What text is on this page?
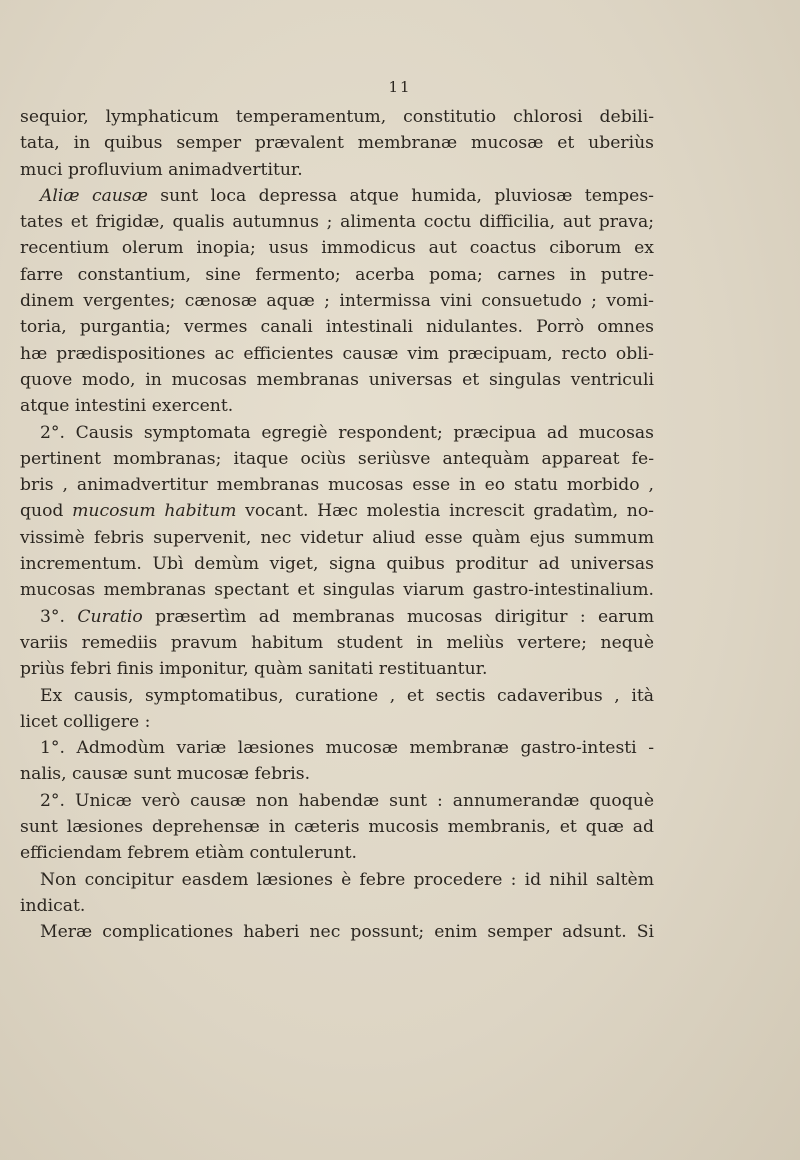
11
sequior, lymphaticum temperamentum, constitutio chlorosi debili-
tata, in quibus semper prævalent membranæ mucosæ et uberiùs
muci profluvium animadvertitur.
Aliæ causæ sunt loca depressa atque humida, pluviosæ tempes-
tates et frigidæ, qualis autumnus ; alimenta coctu difficilia, aut prava;
recentium olerum inopia; usus immodicus aut coactus ciborum ex
farre constantium, sine fermento; acerba poma; carnes in putre-
dinem vergentes; cænosæ aquæ ; intermissa vini consuetudo ; vomi-
toria, purgantia; vermes canali intestinali nidulantes. Porrò omnes
hæ prædispositiones ac efficientes causæ vim præcipuam, recto obli-
quove modo, in mucosas membranas universas et singulas ventriculi
atque intestini exercent.
2°. Causis symptomata egregiè respondent; præcipua ad mucosas
pertinent mombranas; itaque ociùs seriùsve antequàm appareat fe-
bris , animadvertitur membranas mucosas esse in eo statu morbido ,
quod mucosum habitum vocant. Hæc molestia increscit gradatìm, no-
vissimè febris supervenit, nec videtur aliud esse quàm ejus summum
incrementum. Ubì demùm viget, signa quibus proditur ad universas
mucosas membranas spectant et singulas viarum gastro-intestinalium.
3°. Curatio præsertìm ad membranas mucosas dirigitur : earum
variis remediis pravum habitum student in meliùs vertere; nequè
priùs febri finis imponitur, quàm sanitati restituantur.
Ex causis, symptomatibus, curatione , et sectis cadaveribus , ità
licet colligere :
1°. Admodùm variæ læsiones mucosæ membranæ gastro-intesti -
nalis, causæ sunt mucosæ febris.
2°. Unicæ verò causæ non habendæ sunt : annumerandæ quoquè
sunt læsiones deprehensæ in cæteris mucosis membranis, et quæ ad
efficiendam febrem etiàm contulerunt.
Non concipitur easdem læsiones è febre procedere : id nihil saltèm
indicat.
Meræ complicationes haberi nec possunt; enim semper adsunt. Si
